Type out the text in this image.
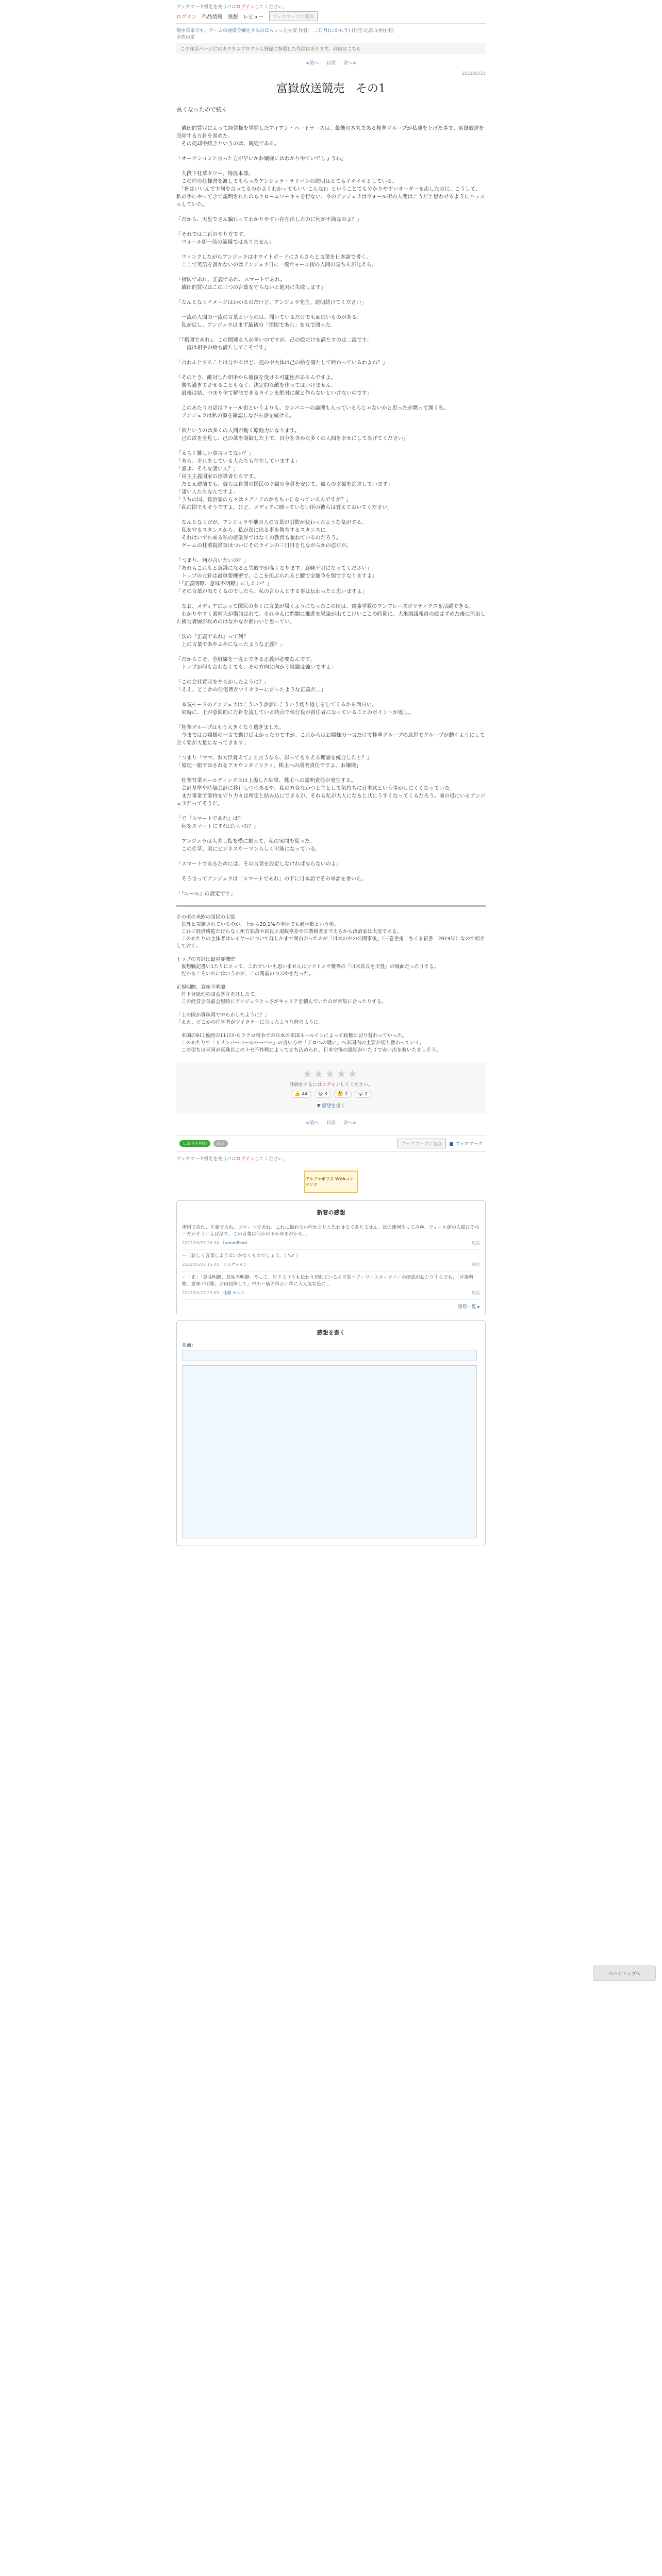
ブックマーク機能を使うにはログインしてください。
ログイン 作品情報 感想 レビュー	ブックマークに追加
龍中宮家でも、ゲームの悪役令嬢をするのはちょっと大変 作者： 二日月(にかもう) (住宅:北部九州住宅)
全然の家
この作品ページにはカクヨムプログラム登録に参照した作品はあります。詳細はこちら
<前へ 目次 次へ>
2022/05/23
富嶽放送競売　その1
長くなったので続く

　鍋田的買収によって経営権を掌握したアイアン・パートナーズは、最後の本丸である桂華グループが私達を上げた事で、冨嶽放送を売却する方針を固めた。
　その売却手続きというのは、競売である。

「オークションと言った方が早いかお嬢様にはわかりやすいでしょうね」

　九段下桂華タワー。特設本部。
　この件の仕様書を渡してもらったアンジェラ・サリバンの説明はとてもイキイキとしている。
　「皆はいいんです何を言ってるのかよくわかってもいいこんな?」ということでも分かりやすいオーダーを出したのに。こうして、私の手にやってきて説明されたのもクロームワーキャを行ない、今のアンジェラはウォール街の人間はこうだと思わせるようにハッスルしていた。

「だから、天皇でさん騙れってわかりやすい存在出したのに何が不満なのよ？」

「それでは二百のやり方です。
　ウォール街一流の流儀ではありません」

　ウィンクしながらアンジェラはホワイトボードにさらさらと言葉を日本語で書く。
　ここで英語を書かないのはアンジェラ日に一流ウォール街の人間の気ちんが見える。

「指図であれ、正義であれ、スマートであれ。
　鍋田的買収はこの三つの言葉を守らないと絶対に失敗します」

「なんとなくイメージはわかるのだけど、アンジェラ先生。説明続けてください」

　一流の人間の一流の言葉というのは、聞いているだけでも面白いものがある。
　私が促し、アンジェラはまず最初の「指図であれ」を丸で囲った。

「『指図であれ』。この関連る人が多いのですが、己の絵だけを満たすのは二流です。
　一流は相手の絵も満たしてこそです」

「言わんとすることは分かるけど、売の中大体は己の絵を満たして終わっているわよね？」

「そのとき、敵対した相手から報復を受ける可能性があるんですよ。
　勝ち過ぎてさせることもなく、決定的な敵を作ってはいけません。
　最後は結、つまり全て解決できるラインを絶対に敵と作らないといけないのです」

　このあたりの話はウォール街というよりも、カンパニーの論理も入っているんじゃないかと思ったが黙って聞く私。
　アンジェラは私の顔を確認しながら話を続ける。

「欲というのは多くの人間が動く原動力になります。
　己の欲を全見し、己の欲を制御した上で、自分を含めた多くの人間を幸せにしてあげてください」

「えらく難しい事言ってない？」
「あら、それをしている人たちも存在していますよ」
「誰よ、そんな凄い人？」
「民主主義国家の指導者たちです。
　たとえ建前でも、彼らは自国の国民の幸福の全員を安けて、彼らの幸福を追求しています」
「凄い人たちなんですよ」
「うちの国、政治家の方々はメディアのおもちゃになっているんですが？」
「私の国でもそうですよ。けど、メディアに映っていない所の彼らは覚えておいてください」

　なんとなくだが、アンジェラや他の人の言葉が引数が変わったような気がする。
　私を守るスタンスから、私が次に出る事を教育するスタンスに。
　それはいずれ来る私の産業界ではなくの教育も兼ねているのだろう。
　ゲームの桂華院瑠奈はついにそのラインの三日目を見ながらかの忍だが。

「つまり、何が言いたいの？」
「あれもこれもと意識になると失敗率が高くなります。意味不明になってください」
　トップの方針は最重要機密で、ここを担ぶられると膝で全額争を関ですなりますよ」
「『正義明瞭、意味不明瞭』にしたい？」
「その言葉が出てくるのでしたら、私の言わんとする事は伝わったと思いますよ」

　なお、メディアによって国民の多くに言葉が届くようになったこの頃は、齋藤学教のワンフレーズポリティクスを活躍できる。
　わかりやすく素晴大が傷詰はれて、それゆえに問題に推進を果論が出てこけいここの時期に、大米国議報員の疲はずめた後に流出した権力者層が攻めのはなかなか面白いと思ってい。

「次の『正義であれ』って何？
　上の言葉であやふやになったような正義？」

「だからこそ、全組織を一丸とできる正義が必要なんです。
　トップが何も言わなくても、その方向に向かう組織は強いですよ」

「この会社買収をやらかしたように？」
「ええ、どこかの住宅者がツイタラーに言ったような正義が…」

　本気モードのアンジェラはこういう会話にこういう切り返しをしてくるから面白い。
　同時に、上が意図的に方針を流している時点で執行役が責任者になっていることのポイントが返し。

「桂華グループはもう大きくなり過ぎました。
　今まではお嬢様の一言で動けばよかったのですが、これからはお嬢様の一言だけで桂華グループの意思でグループが動くようにして全く要が大量になってきます」

「つまり『ママ、お大臣覚えて』と言うなら、影ってもらえる理論を統合したと？」
「原理一組ではされをアカウンタビリティ。株主への説明責任ですよ、お嬢様」

　桂華宮業ホールディングスは上場した結果、株主への説明責任が発生する。
　会計基準や時価会計に移行しつつあるや、私の方合なかつと主として気持ちに日本式という事がしにくくなっていた。
　まだ事業で業持を守り力々は所定と結み込にできるが、それも私が大人になると共にうすくなってくるだろう。前の役にいるアンジェラだってそうだ。

「で『スマートであれ』は？
　何をスマートにすればいいの？」

　アンジェラは人差し指を横に振って、私の実問を促った。
　この仕草、実にビジネスウーマンらしく可能になっている。

「スマートであるためには、その言葉を設定しなければならないのよ」

　そう言ってアンジェラは「スマートであれ」の下に日本語でその単語を書いた。

「『ルール』の設定です」

その頃の米欧の国民の主張
　以外と実施されているのが、上から20.1%の全所でも過半数という形。
　これに経済構造たげらなく州方独裁や国民と混政格差や宗教格差までえらから政治家は大変である。
　このあたりの主体者はレイヤーについて詳しかまで面白かったのが「日本の中の公開事後」（三巻世南　ちくま新書　2019年）なので紹介しておく。

トップの方針は最重要機密
　仮想戦記書い1たりにとって、これでいいも思いませんはソフトとウ敷等の『日米首長を天性』の場面だったりする。
　だからこそいれにはいうのが、この間前のつぶやきだった。

正規明瞭、意味不明瞭
　竹下登総理の国会答弁を評したて。
　この経営会首前会屋時にアンジェラとっさがキャリアを積んでいたのが容易に合ったりする。

「土の国が真珠湾でやらかしたように？」
「ええ、どこかの住宅者がツイタラーに言ったような時のように」

　米国の911後経の11日からラクロ戦争での日本の米国ネールインによって政権に切り替わっていった。
　このあたりで「リメンバーパールハーバー」の言い方や「テロへの戦い」へ米国内の主要が切り替わっていく。
　この型ちは米同が真珠以このトゼ不作戦によって立ち込められ、日本空母の最期がいたりで赤い出を教いたましそう。

★★★★★
評価をするにはログインしてください。
👍 44	😄 3	🤔 2	😮 2
▼ 感想を書く
<前へ 目次 次へ>
しおりを挟む	設定	ブックマークに追加	■ ブックマーク
ブックマーク機能を使うにはログインしてください。
アルファポリス Webコンテンツ
新着の感想
指図であれ、正義であれ、スマートであれ、これに悩わない程わよりと思わせるでありません。次の幾何やってみゆ。ウォール街の人間はその一方がそういえば話で、この言葉は何かの下かゆきがから…
2022/05/23 20:34 LymanRead	返信
ー（新しく言葉しようはいかなくものでしょう。（ 'ω' ）
2022/05/23 15:40 アルクメイン	返信
ー「正」「意味明瞭、意味不明瞭」やって、竹下よりうも伝わり切れているる言葉ニアーワースターソノーの能認がおたりすらでも、「首藩明瞭、意味不明瞭」お肉初体して」中川ー筋の単言い草に大人気な役に…
2022/05/23 23:05 仕勝 ナルミ	返信
感想一覧 ▸
感想を書く
名前：
ページトップへ
